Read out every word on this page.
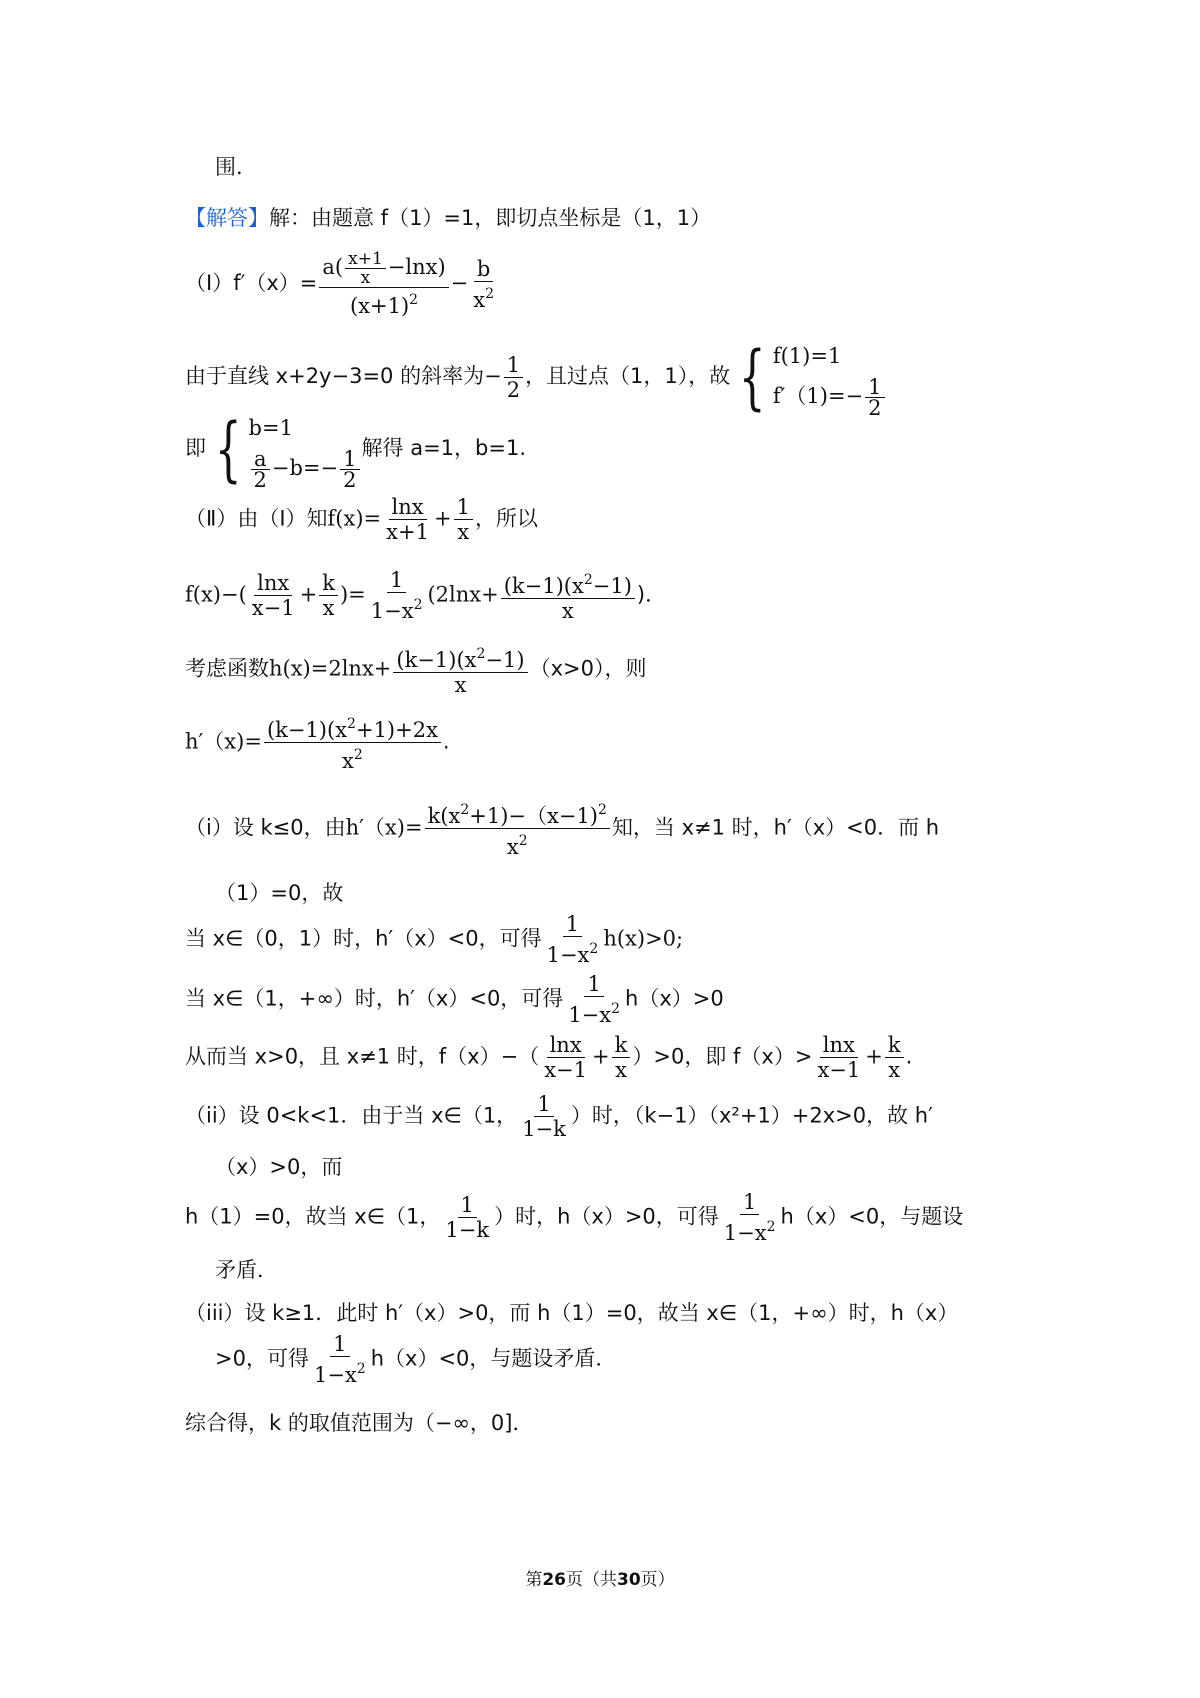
围．
【解答】解：由题意 f（1）=1，即切点坐标是（1，1）
（Ⅰ）f′（x）= $\frac{a( \frac{x+1}{x} -\ln x)}{(x+1)^2} - \frac{b}{x^2}$
由于直线 x+2y−3=0 的斜率为− $\frac{1}{2}$ ，且过点（1，1），故 { f(1)=1
$f'(1)=- \frac{1}{2}$
即 { b=1
$\frac{a}{2} -b=- \frac{1}{2}$
解得 a=1，b=1.
（Ⅱ）由（Ⅰ）知$f(x)= \frac{\ln x}{x+1} + \frac{1}{x}$ ，所以
$f(x)-( \frac{\ln x}{x-1} + \frac{k}{x}$ )= $\frac{1}{1-x^2} (2\ln x+ \frac{(k-1)(x^2-1)}{x}$ )．
考虑函数$h(x)=2\ln x+ \frac{(k-1)(x^2-1)}{x} (x>0)$，则
$h'(x)= \frac{(k-1)(x^2+1)+2x}{x^2}$ .
（i）设 k≤0，由$h'(x)= \frac{k(x^2+1)-(x-1)^2}{x^2}$ 知，当 x≠1 时，h′（x）<0．而 h
（1）=0，故
当 x∈（0，1）时，h′（x）<0，可得 $\frac{1}{1-x^2} h(x)>0$;
当 x∈（1，+∞）时，h′（x）<0，可得 $\frac{1}{1-x^2} h(x)>0$
从而当 x>0，且 x≠1 时，$f(x)-( \frac{\ln x}{x-1} + \frac{k}{x} )>0$，即 $f(x)> \frac{\ln x}{x-1} + \frac{k}{x}$ .
（ii）设 0<k<1．由于当 x∈（1， $\frac{1}{1-k}$ ）时，（k−1）（x²+1）+2x>0，故 h′
（x）>0，而
h（1）=0，故当 x∈（1， $\frac{1}{1-k}$ ）时，h（x）>0，可得 $\frac{1}{1-x^2} h(x)<0$，与题设
矛盾．
（iii）设 k≥1．此时 h′（x）>0，而 h（1）=0，故当 x∈（1，+∞）时，h（x）
>0，可得 $\frac{1}{1-x^2} h(x)<0$，与题设矛盾．
综合得，k 的取值范围为（−∞，0]．
第26页（共30页）
